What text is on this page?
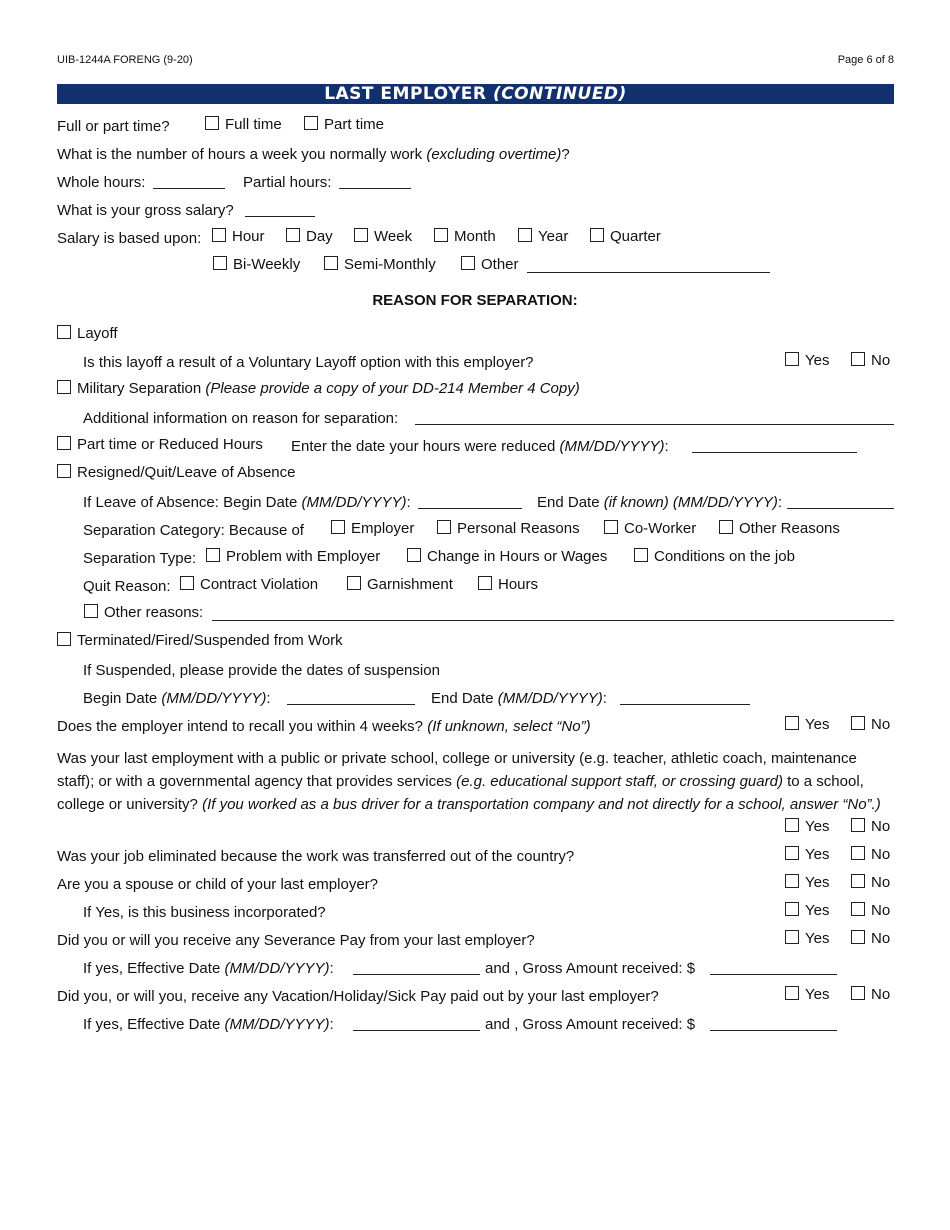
UIB-1244A FORENG (9-20)	Page 6 of 8
LAST EMPLOYER (CONTINUED)
Full or part time?	Full time	Part time
What is the number of hours a week you normally work (excluding overtime)?
Whole hours:	Partial hours:
What is your gross salary?
Salary is based upon:	Hour	Day	Week	Month	Year	Quarter
Bi-Weekly	Semi-Monthly	Other
REASON FOR SEPARATION:
Layoff
Is this layoff a result of a Voluntary Layoff option with this employer?	Yes	No
Military Separation (Please provide a copy of your DD-214 Member 4 Copy)
Additional information on reason for separation:
Part time or Reduced Hours Enter the date your hours were reduced (MM/DD/YYYY):
Resigned/Quit/Leave of Absence
If Leave of Absence: Begin Date (MM/DD/YYYY):	End Date (if known) (MM/DD/YYYY):
Separation Category: Because of	Employer	Personal Reasons	Co-Worker	Other Reasons
Separation Type:	Problem with Employer	Change in Hours or Wages	Conditions on the job
Quit Reason:	Contract Violation	Garnishment	Hours
Other reasons:
Terminated/Fired/Suspended from Work
If Suspended, please provide the dates of suspension
Begin Date (MM/DD/YYYY):	End Date (MM/DD/YYYY):
Does the employer intend to recall you within 4 weeks? (If unknown, select “No”)	Yes	No
Was your last employment with a public or private school, college or university (e.g. teacher, athletic coach, maintenance staff); or with a governmental agency that provides services (e.g. educational support staff, or crossing guard) to a school, college or university? (If you worked as a bus driver for a transportation company and not directly for a school, answer “No”.)
Yes	No
Was your job eliminated because the work was transferred out of the country?	Yes	No
Are you a spouse or child of your last employer?	Yes	No
If Yes, is this business incorporated?	Yes	No
Did you or will you receive any Severance Pay from your last employer?	Yes	No
If yes, Effective Date (MM/DD/YYYY):	and , Gross Amount received: $
Did you, or will you, receive any Vacation/Holiday/Sick Pay paid out by your last employer?	Yes	No
If yes, Effective Date (MM/DD/YYYY):	and , Gross Amount received: $
